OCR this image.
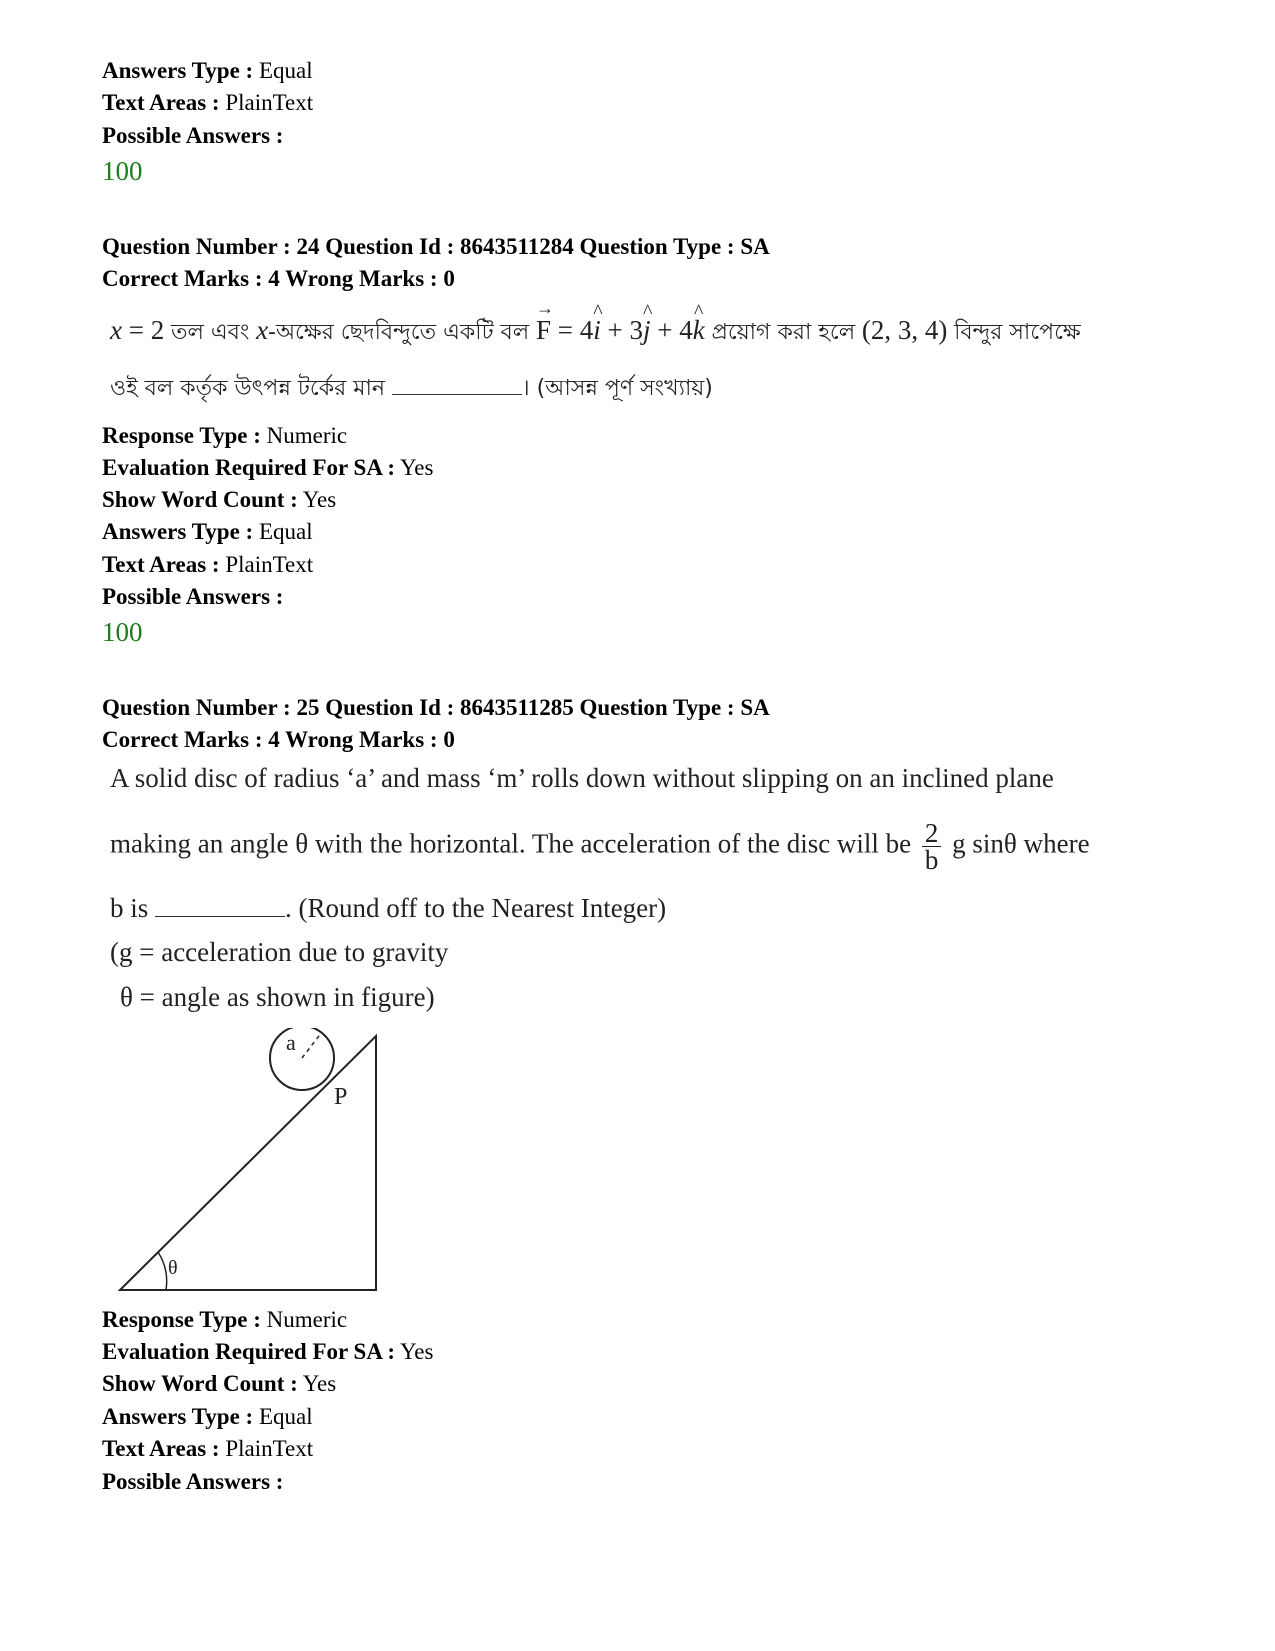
Answers Type : Equal
Text Areas : PlainText
Possible Answers :
100
Question Number : 24 Question Id : 8643511284 Question Type : SA
Correct Marks : 4 Wrong Marks : 0
x = 2 তল এবং x-অক্ষের ছেদবিন্দুতে একটি বল → F = 4^ i + 3^ j + 4^ k প্রয়োগ করা হলে (2, 3, 4) বিন্দুর সাপেক্ষে
ওই বল কর্তৃক উৎপন্ন টর্কের মান	। (আসন্ন পূর্ণ সংখ্যায়)
Response Type : Numeric
Evaluation Required For SA : Yes
Show Word Count : Yes
Answers Type : Equal
Text Areas : PlainText
Possible Answers :
100
Question Number : 25 Question Id : 8643511285 Question Type : SA
Correct Marks : 4 Wrong Marks : 0
A solid disc of radius ‘a’ and mass ‘m’ rolls down without slipping on an inclined plane
making an angle θ with the horizontal. The acceleration of the disc will be $\frac{2}{b}$ g sinθ where
b is	. (Round off to the Nearest Integer)
(g = acceleration due to gravity
θ = angle as shown in figure)
a
P
θ
Response Type : Numeric
Evaluation Required For SA : Yes
Show Word Count : Yes
Answers Type : Equal
Text Areas : PlainText
Possible Answers :
